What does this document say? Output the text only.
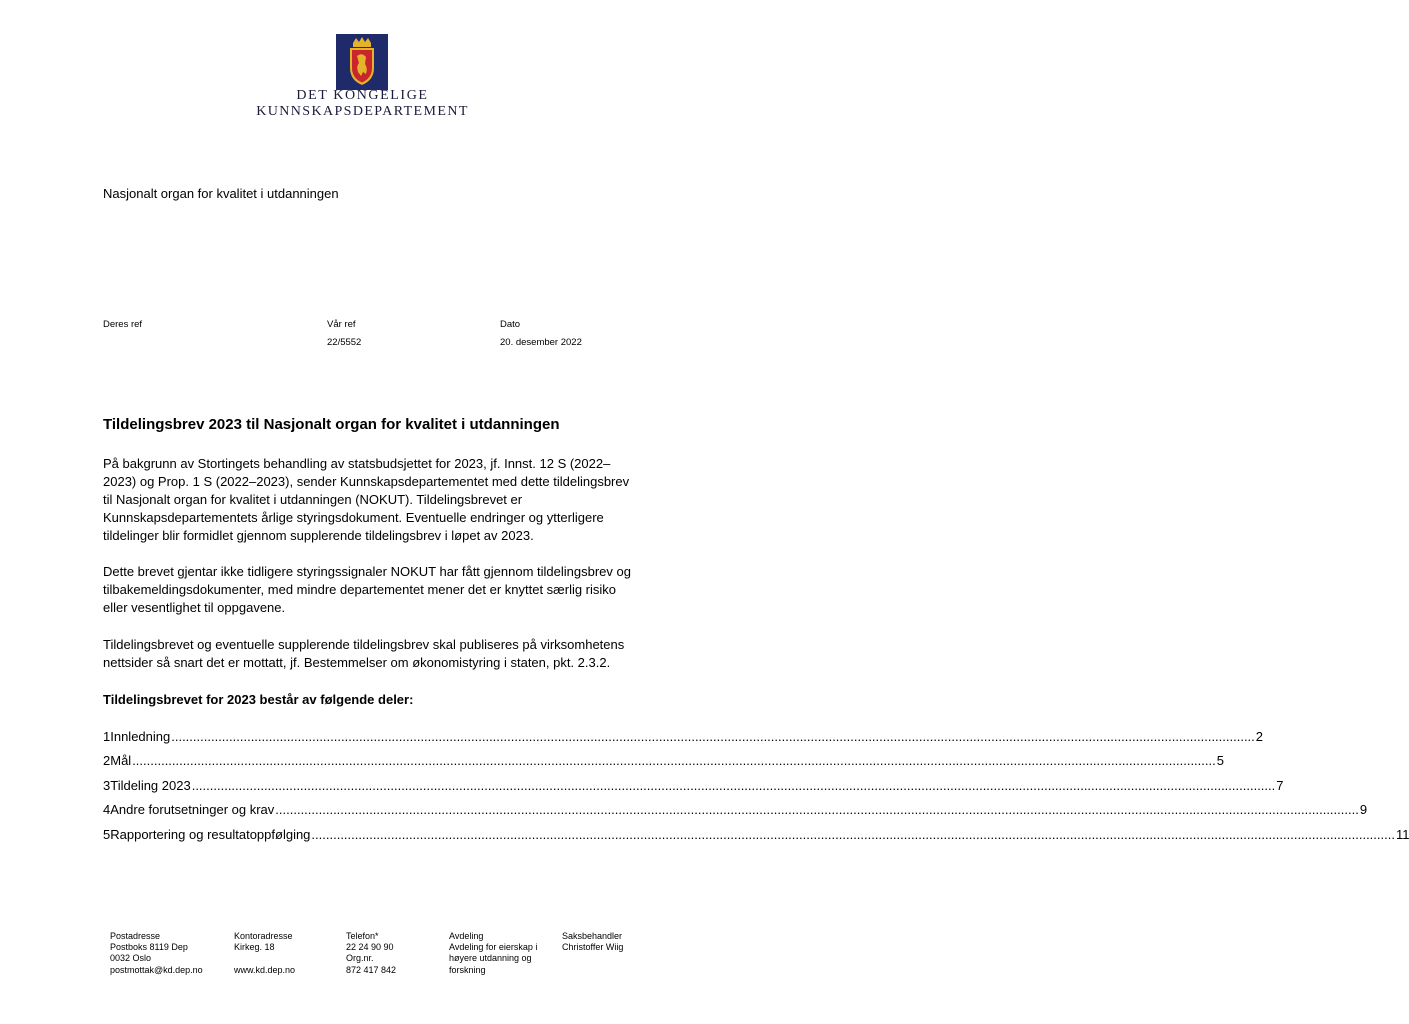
DET KONGELIGE
KUNNSKAPSDEPARTEMENT
Nasjonalt organ for kvalitet i utdanningen
Deres ref	Vår ref
22/5552
Dato
20. desember 2022
Tildelingsbrev 2023 til Nasjonalt organ for kvalitet i utdanningen

På bakgrunn av Stortingets behandling av statsbudsjettet for 2023, jf. Innst. 12 S (2022–

2023) og Prop. 1 S (2022–2023), sender Kunnskapsdepartementet med dette tildelingsbrev

til Nasjonalt organ for kvalitet i utdanningen (NOKUT). Tildelingsbrevet er

Kunnskapsdepartementets årlige styringsdokument. Eventuelle endringer og ytterligere

tildelinger blir formidlet gjennom supplerende tildelingsbrev i løpet av 2023.

Dette brevet gjentar ikke tidligere styringssignaler NOKUT har fått gjennom tildelingsbrev og

tilbakemeldingsdokumenter, med mindre departementet mener det er knyttet særlig risiko

eller vesentlighet til oppgavene.

Tildelingsbrevet og eventuelle supplerende tildelingsbrev skal publiseres på virksomhetens

nettsider så snart det er mottatt, jf. Bestemmelser om økonomistyring i staten, pkt. 2.3.2.

Tildelingsbrevet for 2023 består av følgende deler:
1 Innledning ............................................................................................................................................................................................................................................................................................................ 2
2 Mål ............................................................................................................................................................................................................................................................................................................ 5
3 Tildeling 2023 ............................................................................................................................................................................................................................................................................................................ 7
4 Andre forutsetninger og krav ............................................................................................................................................................................................................................................................................................................ 9
5 Rapportering og resultatoppfølging ............................................................................................................................................................................................................................................................................................................ 11
Postadresse
Postboks 8119 Dep
0032 Oslo
postmottak@kd.dep.no
Kontoradresse
Kirkeg. 18

www.kd.dep.no
Telefon*
22 24 90 90
Org.nr.
872 417 842
Avdeling
Avdeling for eierskap i
høyere utdanning og
forskning
Saksbehandler
Christoffer Wiig
